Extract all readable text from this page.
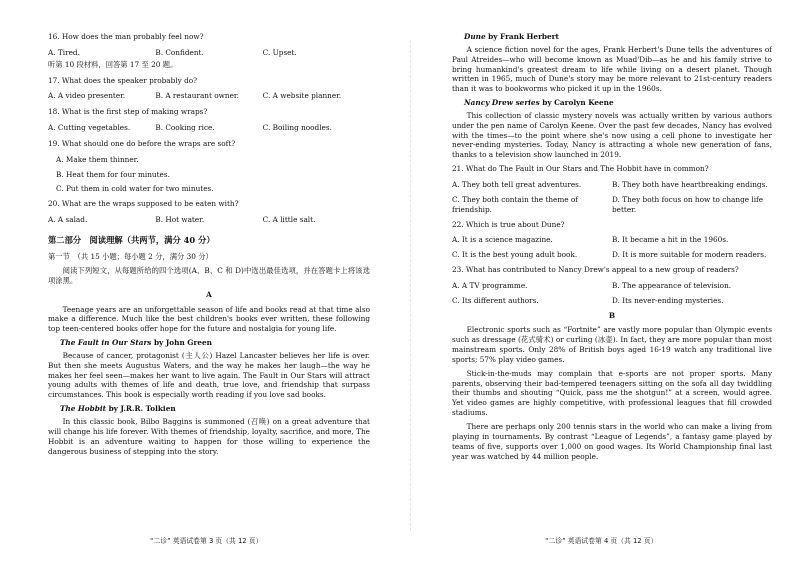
16. How does the man probably feel now?
A. Tired.	B. Confident.	C. Upset.
听第 10 段材料，回答第 17 至 20 题。
17. What does the speaker probably do?
A. A video presenter.	B. A restaurant owner.	C. A website planner.
18. What is the first step of making wraps?
A. Cutting vegetables.	B. Cooking rice.	C. Boiling noodles.
19. What should one do before the wraps are soft?
A. Make them thinner.
B. Heat them for four minutes.
C. Put them in cold water for two minutes.
20. What are the wraps supposed to be eaten with?
A. A salad.	B. Hot water.	C. A little salt.
第二部分　阅读理解（共两节，满分 40 分）
第一节　（共 15 小题；每小题 2 分，满分 30 分）
阅读下列短文，从每题所给的四个选项(A、B、C 和 D)中选出最佳选项，并在答题卡上将该选项涂黑。
A
Teenage years are an unforgettable season of life and books read at that time also make a difference. Much like the best children's books ever written, these following top teen-centered books offer hope for the future and nostalgia for young life.
The Fault in Our Stars by John Green
Because of cancer, protagonist (主人公) Hazel Lancaster believes her life is over. But then she meets Augustus Waters, and the way he makes her laugh—the way he makes her feel seen—makes her want to live again. The Fault in Our Stars will attract young adults with themes of life and death, true love, and friendship that surpass circumstances. This book is especially worth reading if you love sad books.
The Hobbit by J.R.R. Tolkien
In this classic book, Bilbo Baggins is summoned (召唤) on a great adventure that will change his life forever. With themes of friendship, loyalty, sacrifice, and more, The Hobbit is an adventure waiting to happen for those willing to experience the dangerous business of stepping into the story.
Dune by Frank Herbert
A science fiction novel for the ages, Frank Herbert's Dune tells the adventures of Paul Atreides—who will become known as Muad'Dib—as he and his family strive to bring humankind's greatest dream to life while living on a desert planet. Though written in 1965, much of Dune's story may be more relevant to 21st-century readers than it was to bookworms who picked it up in the 1960s.
Nancy Drew series by Carolyn Keene
This collection of classic mystery novels was actually written by various authors under the pen name of Carolyn Keene. Over the past few decades, Nancy has evolved with the times—to the point where she's now using a cell phone to investigate her never-ending mysteries. Today, Nancy is attracting a whole new generation of fans, thanks to a television show launched in 2019.
21. What do The Fault in Our Stars and The Hobbit have in common?
A. They both tell great adventures.	B. They both have heartbreaking endings.
C. They both contain the theme of friendship.
D. They both focus on how to change life better.
22. Which is true about Dune?
A. It is a science magazine.	B. It became a hit in the 1960s.
C. It is the best young adult book.	D. It is more suitable for modern readers.
23. What has contributed to Nancy Drew's appeal to a new group of readers?
A. A TV programme.	B. The appearance of television.
C. Its different authors.	D. Its never-ending mysteries.
B
Electronic sports such as “Fortnite” are vastly more popular than Olympic events such as dressage (花式骑术) or curling (冰壶). In fact, they are more popular than most mainstream sports. Only 28% of British boys aged 16-19 watch any traditional live sports; 57% play video games.
Stick-in-the-muds may complain that e-sports are not proper sports. Many parents, observing their bad-tempered teenagers sitting on the sofa all day twiddling their thumbs and shouting “Quick, pass me the shotgun!” at a screen, would agree. Yet video games are highly competitive, with professional leagues that fill crowded stadiums.
There are perhaps only 200 tennis stars in the world who can make a living from playing in tournaments. By contrast “League of Legends”, a fantasy game played by teams of five, supports over 1,000 on good wages. Its World Championship final last year was watched by 44 million people.
“二诊” 英语试卷第 3 页（共 12 页）	“二诊” 英语试卷第 4 页（共 12 页）
